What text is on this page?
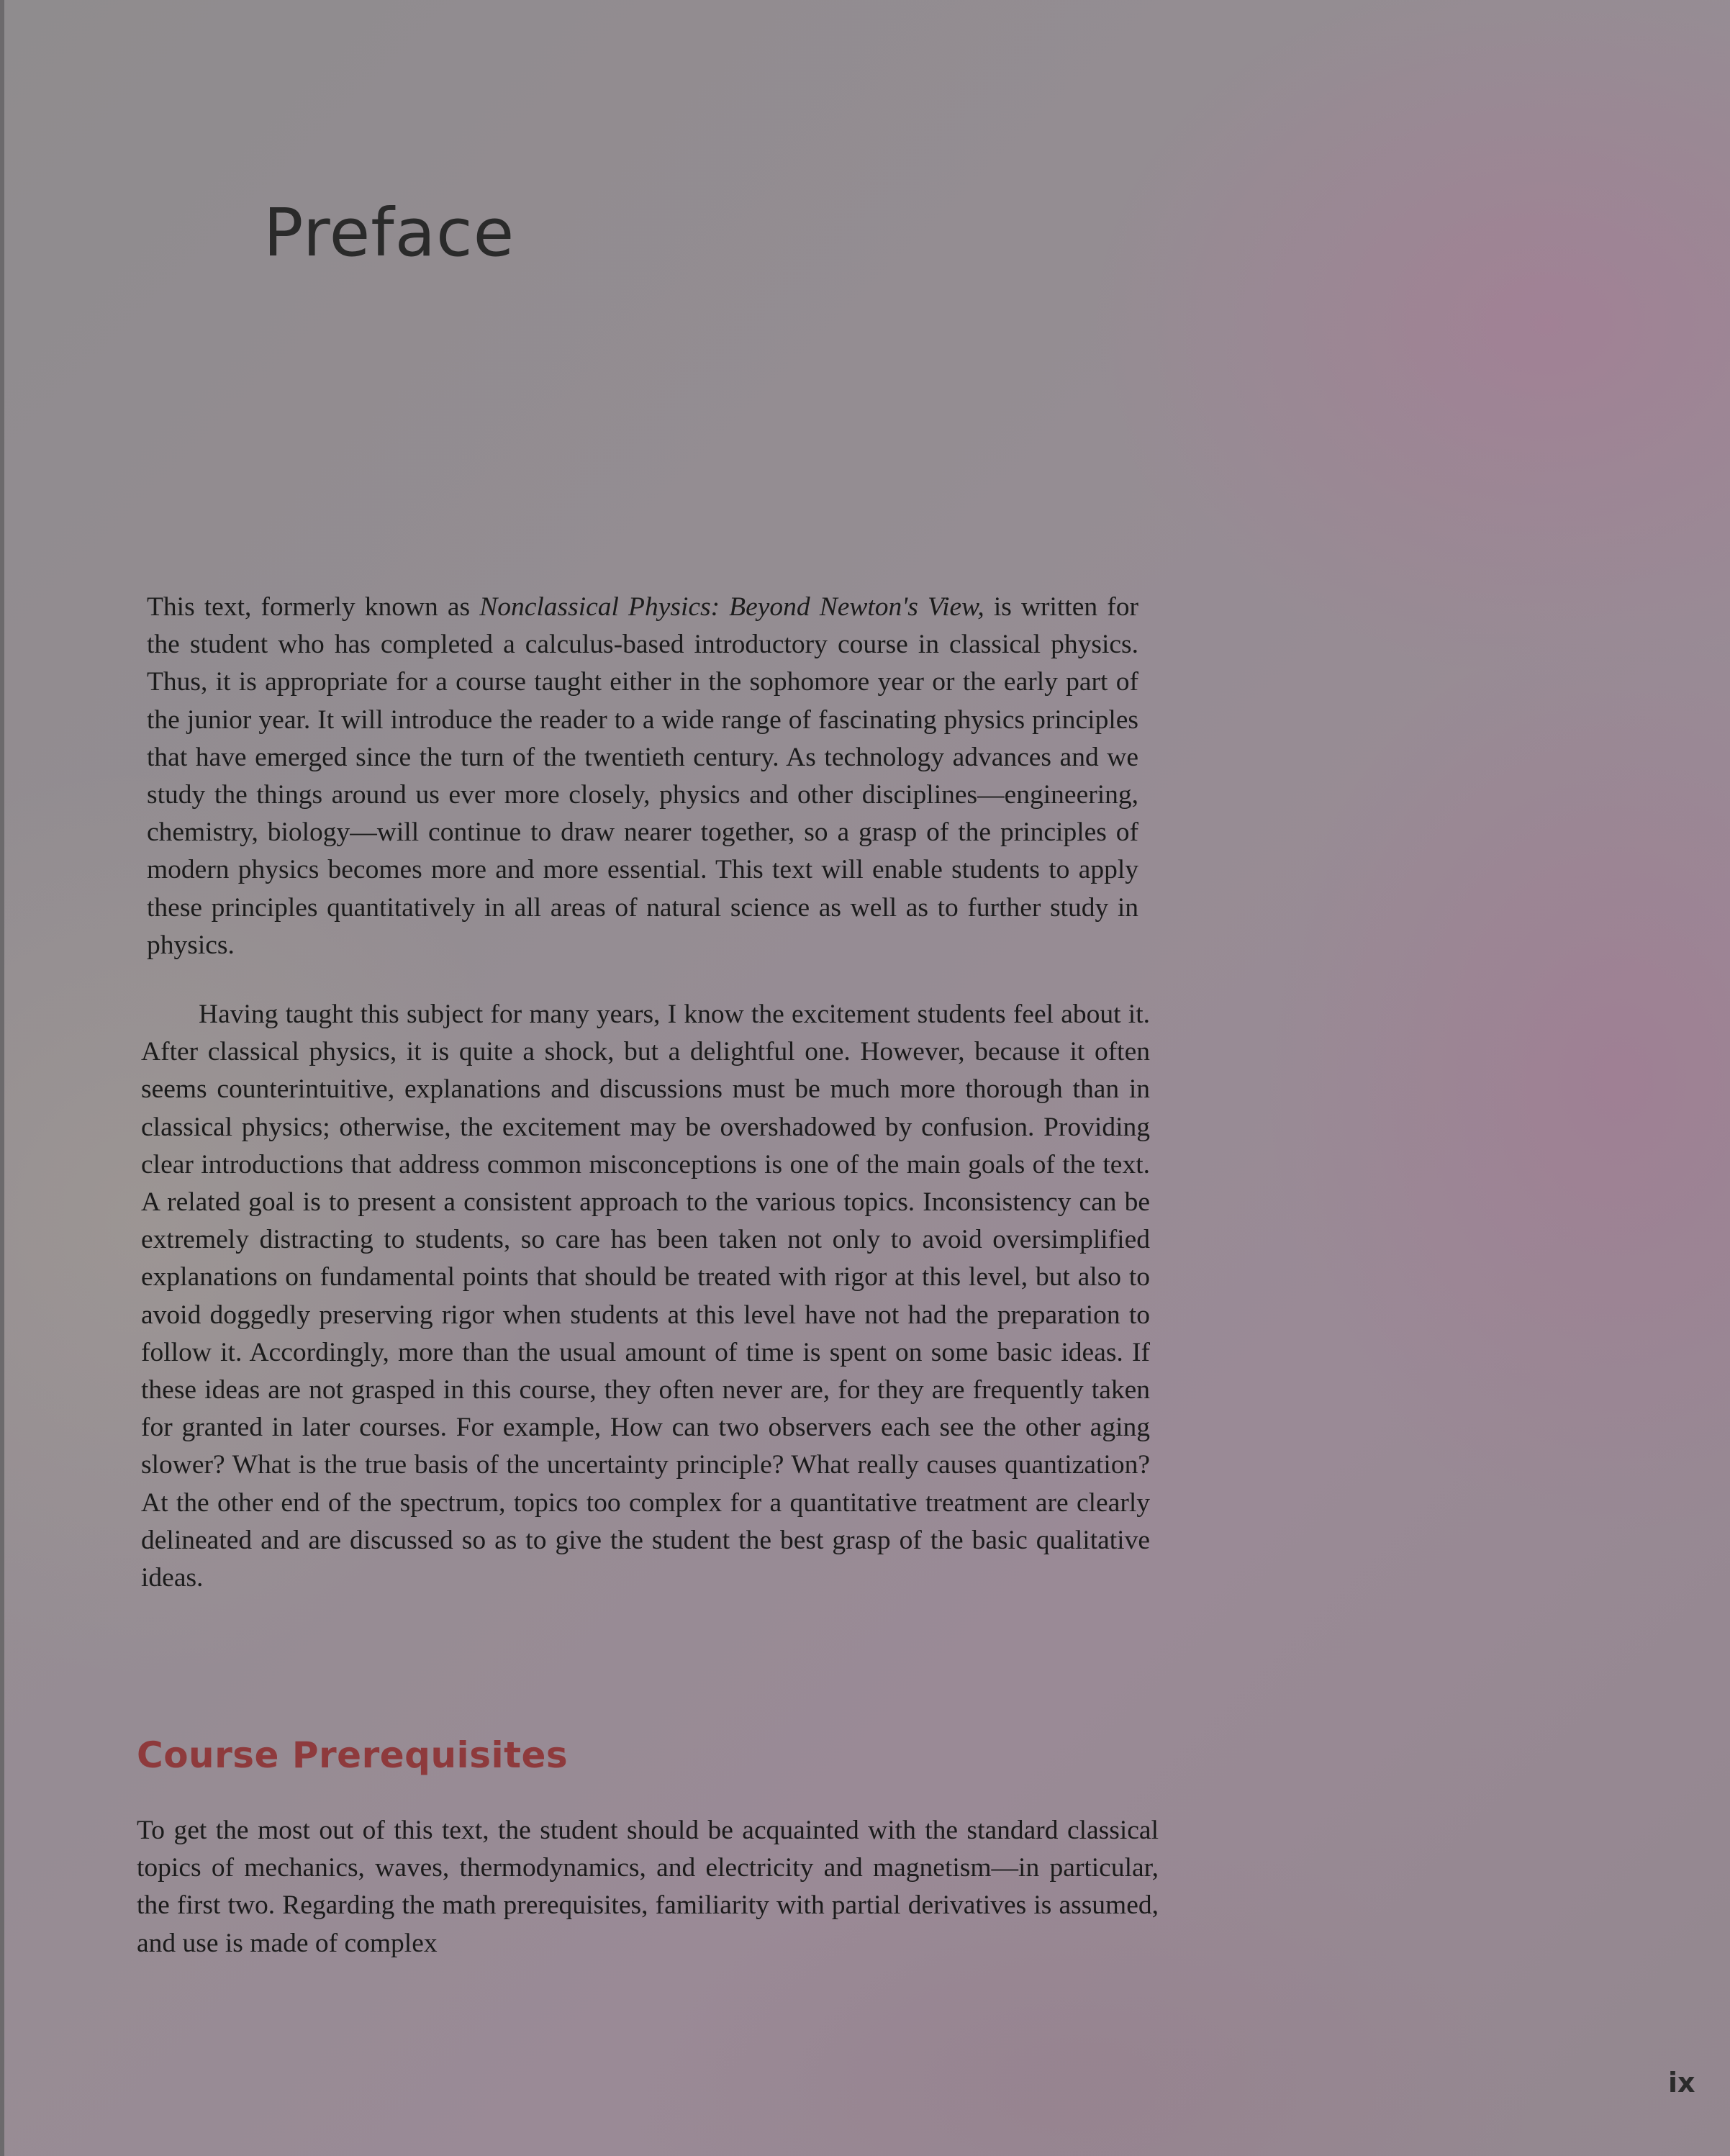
Preface

This text, formerly known as Nonclassical Physics: Beyond Newton's View, is written for the student who has completed a calculus-based introductory course in classical physics. Thus, it is appropriate for a course taught either in the sophomore year or the early part of the junior year. It will introduce the reader to a wide range of fascinating physics principles that have emerged since the turn of the twentieth century. As technology advances and we study the things around us ever more closely, physics and other disciplines—engineering, chemistry, biology—will continue to draw nearer together, so a grasp of the principles of modern physics becomes more and more essential. This text will enable students to apply these principles quantitatively in all areas of natural science as well as to further study in physics.

Having taught this subject for many years, I know the excitement students feel about it. After classical physics, it is quite a shock, but a delightful one. However, because it often seems counterintuitive, explanations and discussions must be much more thorough than in classical physics; otherwise, the excitement may be overshadowed by confusion. Providing clear introductions that address common misconceptions is one of the main goals of the text. A related goal is to present a consistent approach to the various topics. Inconsistency can be extremely distracting to students, so care has been taken not only to avoid oversimplified explanations on fundamental points that should be treated with rigor at this level, but also to avoid doggedly preserving rigor when students at this level have not had the preparation to follow it. Accordingly, more than the usual amount of time is spent on some basic ideas. If these ideas are not grasped in this course, they often never are, for they are frequently taken for granted in later courses. For example, How can two observers each see the other aging slower? What is the true basis of the uncertainty principle? What really causes quantization? At the other end of the spectrum, topics too complex for a quantitative treatment are clearly delineated and are discussed so as to give the student the best grasp of the basic qualitative ideas.

Course Prerequisites

To get the most out of this text, the student should be acquainted with the standard classical topics of mechanics, waves, thermodynamics, and electricity and magnetism—in particular, the first two. Regarding the math prerequisites, familiarity with partial derivatives is assumed, and use is made of complex

ix
